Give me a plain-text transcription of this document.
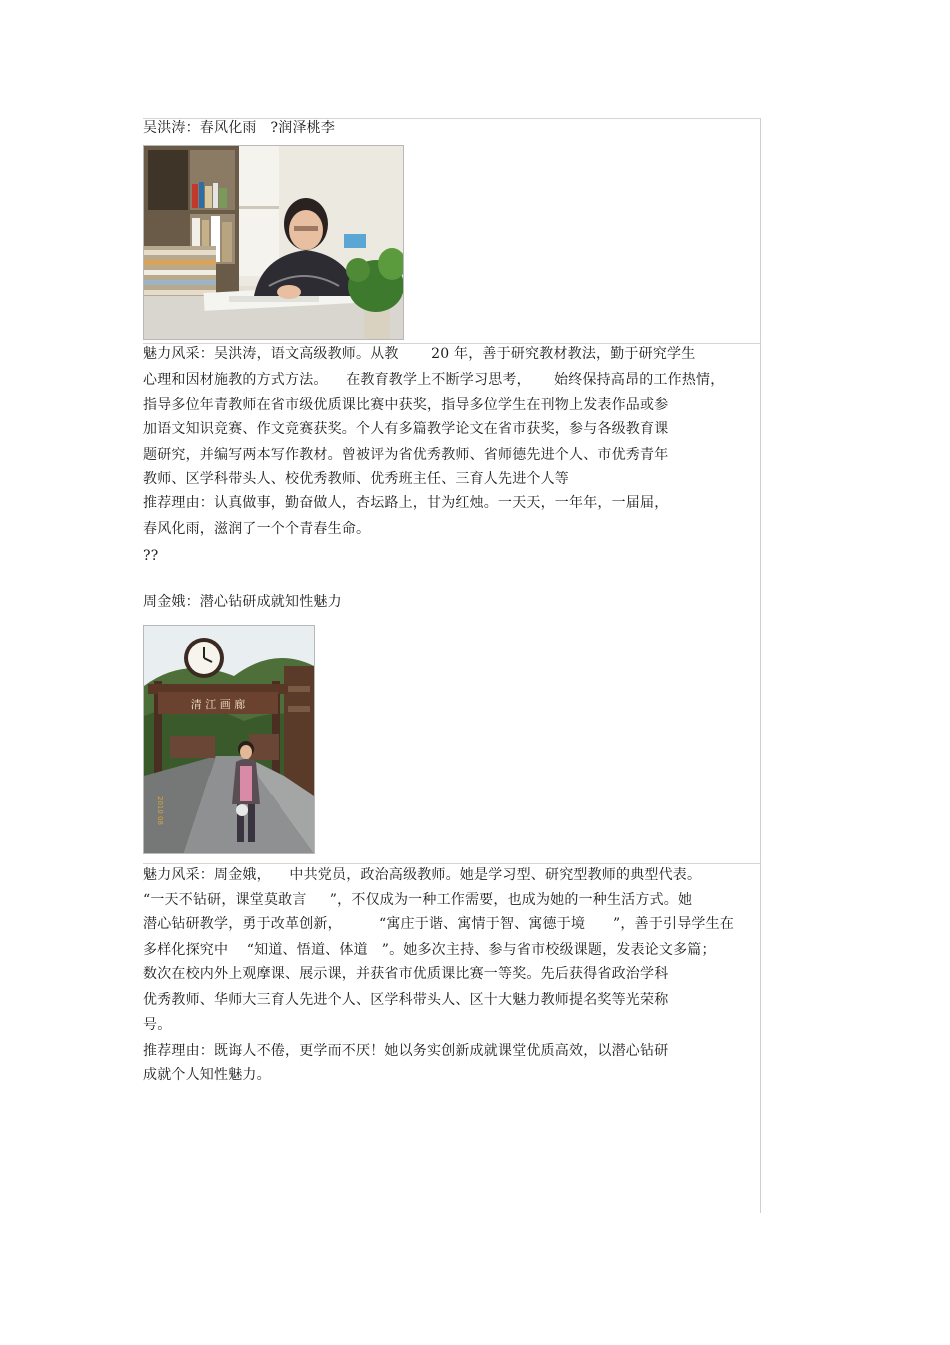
吴洪涛：春风化雨   ?润泽桃李
魅力风采：吴洪涛，语文高级教师。从教       20 年，善于研究教材教法，勤于研究学生
心理和因材施教的方式方法。    在教育教学上不断学习思考，     始终保持高昂的工作热情，
指导多位年青教师在省市级优质课比赛中获奖，指导多位学生在刊物上发表作品或参
加语文知识竞赛、作文竞赛获奖。个人有多篇教学论文在省市获奖，参与各级教育课
题研究，并编写两本写作教材。曾被评为省优秀教师、省师德先进个人、市优秀青年
教师、区学科带头人、校优秀教师、优秀班主任、三育人先进个人等
推荐理由：认真做事，勤奋做人，杏坛路上，甘为红烛。一天天，一年年，一届届，
春风化雨，滋润了一个个青春生命。
??
周金娥：潜心钻研成就知性魅力
清 江 画 廊
2010 08
魅力风采：周金娥，    中共党员，政治高级教师。她是学习型、研究型教师的典型代表。
“一天不钻研，课堂莫敢言     ”，不仅成为一种工作需要，也成为她的一种生活方式。她
潜心钻研教学，勇于改革创新，        “寓庄于谐、寓情于智、寓德于境      ”，善于引导学生在
多样化探究中    “知道、悟道、体道   ”。她多次主持、参与省市校级课题，发表论文多篇；
数次在校内外上观摩课、展示课，并获省市优质课比赛一等奖。先后获得省政治学科
优秀教师、华师大三育人先进个人、区学科带头人、区十大魅力教师提名奖等光荣称
号。
推荐理由：既诲人不倦，更学而不厌！她以务实创新成就课堂优质高效，以潜心钻研
成就个人知性魅力。
